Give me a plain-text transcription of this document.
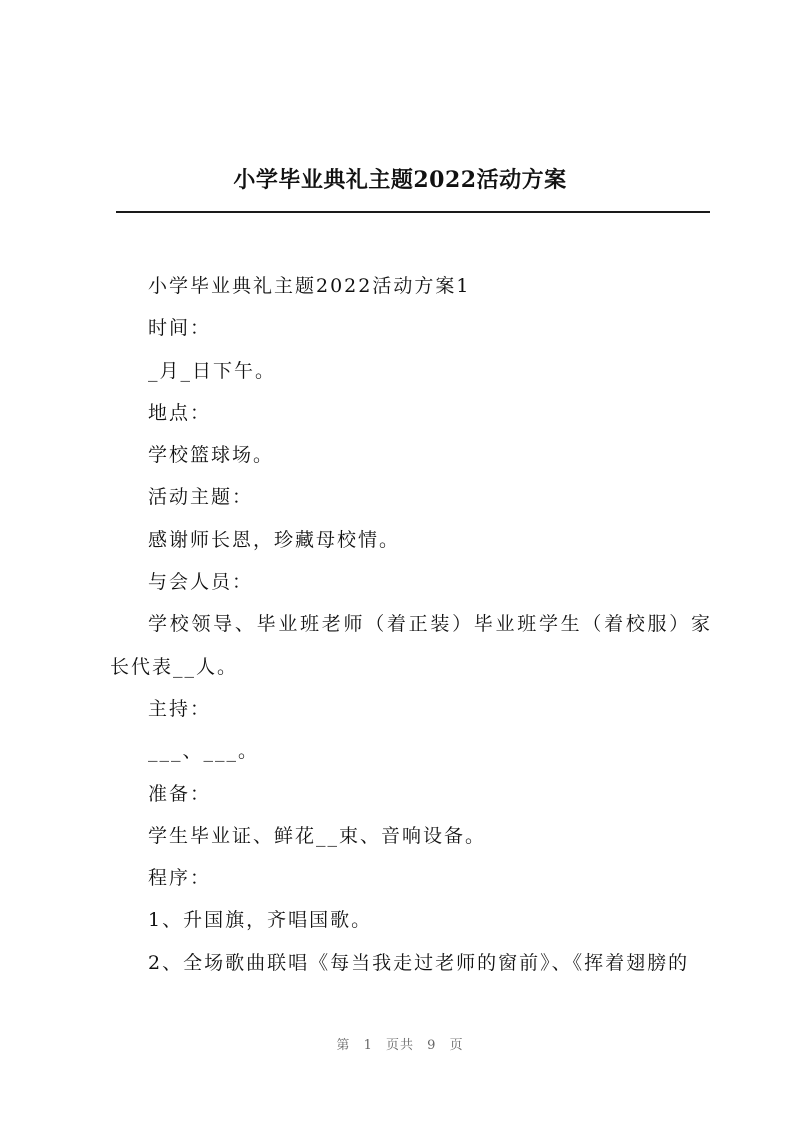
小学毕业典礼主题2022活动方案

小学毕业典礼主题2022活动方案1

时间：

_月_日下午。

地点：

学校篮球场。

活动主题：

感谢师长恩，珍藏母校情。

与会人员：

学校领导、毕业班老师（着正装）毕业班学生（着校服）家长代表__人。

主持：

___、___。

准备：

学生毕业证、鲜花__束、音响设备。

程序：

1、升国旗，齐唱国歌。

2、全场歌曲联唱《每当我走过老师的窗前》、《挥着翅膀的

第 1 页共 9 页
